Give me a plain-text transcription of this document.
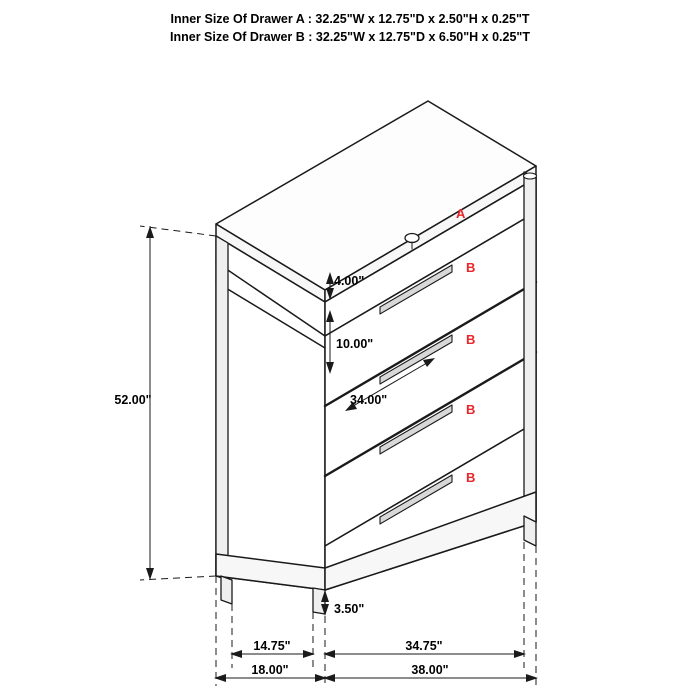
Inner Size Of Drawer A : 32.25"W x 12.75"D x 2.50"H x 0.25"T
Inner Size Of Drawer B : 32.25"W x 12.75"D x 6.50"H x 0.25"T
52.00"
4.00"
10.00"
34.00"
3.50"
14.75"	34.75"
18.00"	38.00"
A
B
B
B
B
